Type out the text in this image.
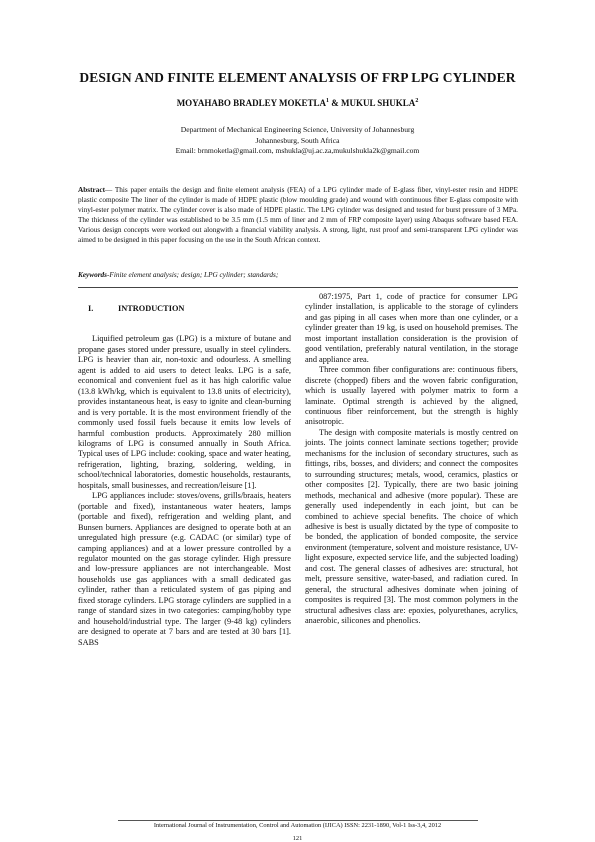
DESIGN AND FINITE ELEMENT ANALYSIS OF FRP LPG CYLINDER
MOYAHABO BRADLEY MOKETLA$^1$ & MUKUL SHUKLA$^2$
Department of Mechanical Engineering Science, University of Johannesburg
Johannesburg, South Africa
Email: brnmoketla@gmail.com, mshukla@uj.ac.za,mukulshukla2k@gmail.com
Abstract— This paper entails the design and finite element analysis (FEA) of a LPG cylinder made of E-glass fiber, vinyl-ester resin and HDPE plastic composite The liner of the cylinder is made of HDPE plastic (blow moulding grade) and wound with continuous fiber E-glass composite with vinyl-ester polymer matrix. The cylinder cover is also made of HDPE plastic. The LPG cylinder was designed and tested for burst pressure of 3 MPa. The thickness of the cylinder was established to be 3.5 mm (1.5 mm of liner and 2 mm of FRP composite layer) using Abaqus software based FEA. Various design concepts were worked out alongwith a financial viability analysis. A strong, light, rust proof and semi-transparent LPG cylinder was aimed to be designed in this paper focusing on the use in the South African context.
Keywords-Finite element analysis; design; LPG cylinder; standards;
I.	INTRODUCTION

Liquified petroleum gas (LPG) is a mixture of butane and propane gases stored under pressure, usually in steel cylinders. LPG is heavier than air, non-toxic and odourless. A smelling agent is added to aid users to detect leaks. LPG is a safe, economical and convenient fuel as it has high calorific value (13.8 kWh/kg, which is equivalent to 13.8 units of electricity), provides instantaneous heat, is easy to ignite and clean-burning and is very portable. It is the most environment friendly of the commonly used fossil fuels because it emits low levels of harmful combustion products. Approximately 280 million kilograms of LPG is consumed annually in South Africa. Typical uses of LPG include: cooking, space and water heating, refrigeration, lighting, brazing, soldering, welding, in school/technical laboratories, domestic households, restaurants, hospitals, small businesses, and recreation/leisure [1].

LPG appliances include: stoves/ovens, grills/braais, heaters (portable and fixed), instantaneous water heaters, lamps (portable and fixed), refrigeration and welding plant, and Bunsen burners. Appliances are designed to operate both at an unregulated high pressure (e.g. CADAC (or similar) type of camping appliances) and at a lower pressure controlled by a regulator mounted on the gas storage cylinder. High pressure and low-pressure appliances are not interchangeable. Most households use gas appliances with a small dedicated gas cylinder, rather than a reticulated system of gas piping and fixed storage cylinders. LPG storage cylinders are supplied in a range of standard sizes in two categories: camping/hobby type and household/industrial type. The larger (9-48 kg) cylinders are designed to operate at 7 bars and are tested at 30 bars [1]. SABS

087:1975, Part 1, code of practice for consumer LPG cylinder installation, is applicable to the storage of cylinders and gas piping in all cases when more than one cylinder, or a cylinder greater than 19 kg, is used on household premises. The most important installation consideration is the provision of good ventilation, preferably natural ventilation, in the storage and appliance area.

Three common fiber configurations are: continuous fibers, discrete (chopped) fibers and the woven fabric configuration, which is usually layered with polymer matrix to form a laminate. Optimal strength is achieved by the aligned, continuous fiber reinforcement, but the strength is highly anisotropic.

The design with composite materials is mostly centred on joints. The joints connect laminate sections together; provide mechanisms for the inclusion of secondary structures, such as fittings, ribs, bosses, and dividers; and connect the composites to surrounding structures; metals, wood, ceramics, plastics or other composites [2]. Typically, there are two basic joining methods, mechanical and adhesive (more popular). These are generally used independently in each joint, but can be combined to achieve special benefits. The choice of which adhesive is best is usually dictated by the type of composite to be bonded, the application of bonded composite, the service environment (temperature, solvent and moisture resistance, UV-light exposure, expected service life, and the subjected loading) and cost. The general classes of adhesives are: structural, hot melt, pressure sensitive, water-based, and radiation cured. In general, the structural adhesives dominate when joining of composites is required [3]. The most common polymers in the structural adhesives class are: epoxies, polyurethanes, acrylics, anaerobic, silicones and phenolics.

International Journal of Instrumentation, Control and Automation (IJICA) ISSN: 2231-1890, Vol-1 Iss-3,4, 2012
121
